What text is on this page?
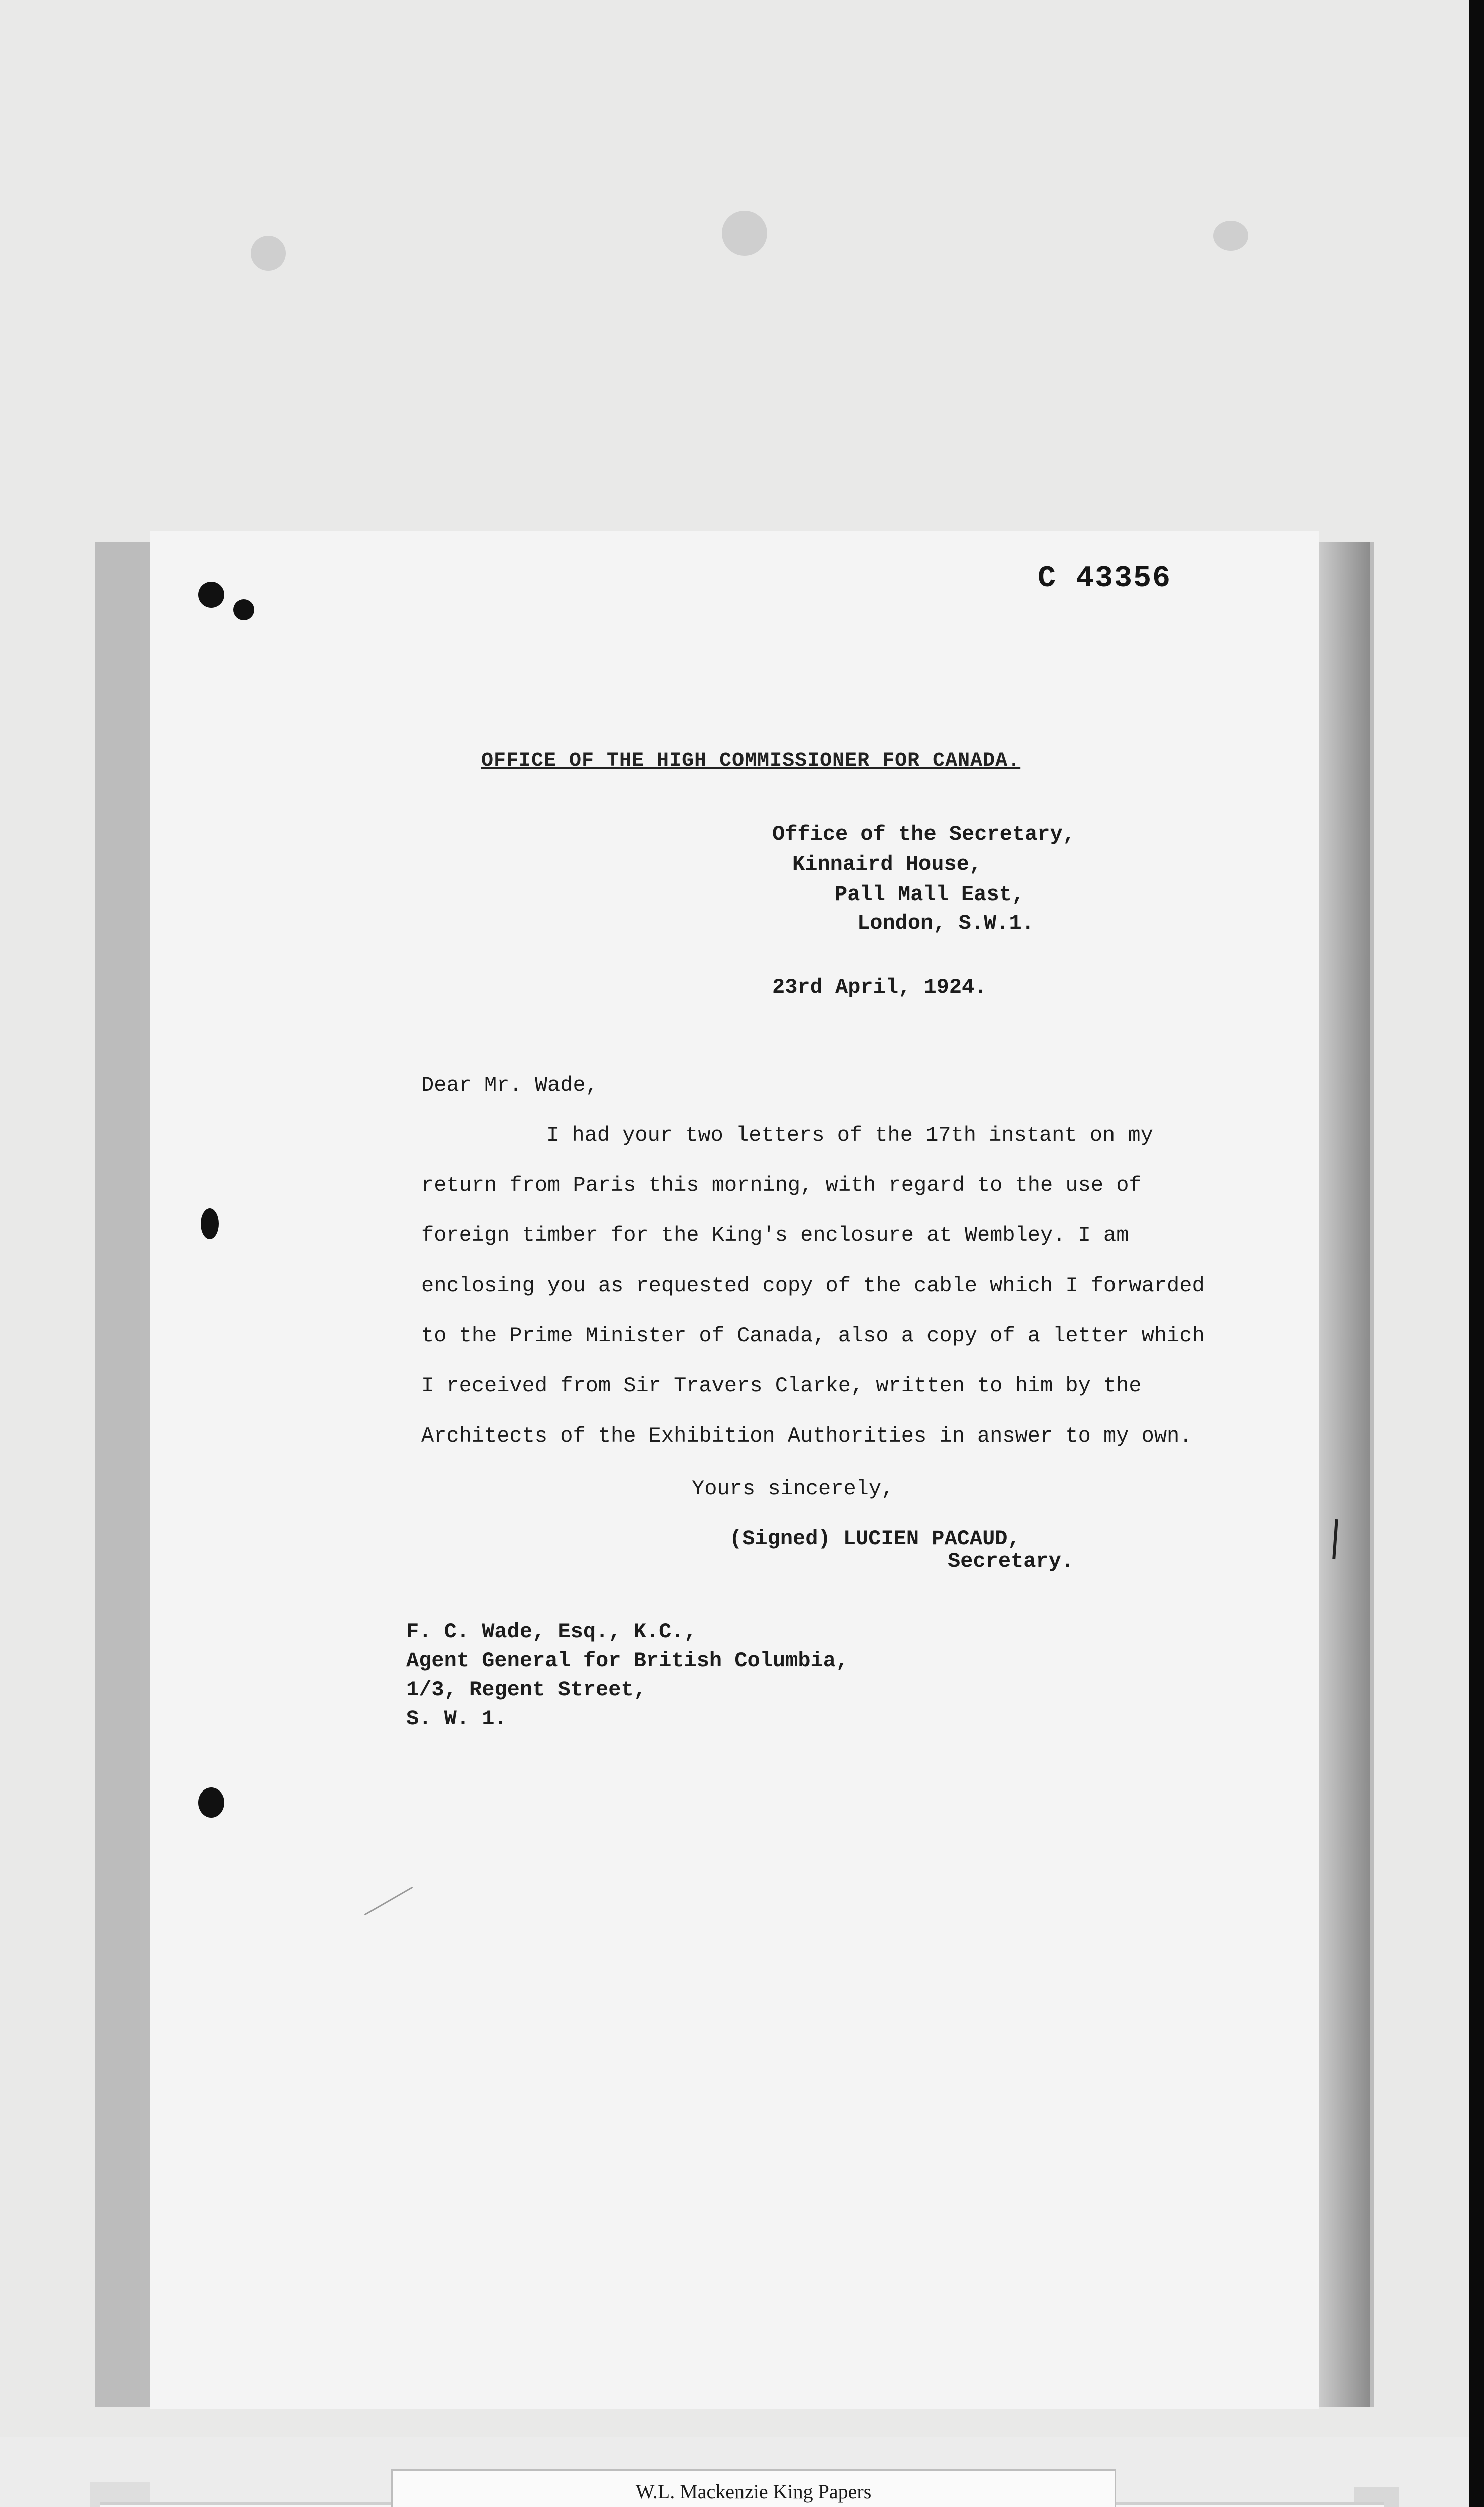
C 43356
OFFICE OF THE HIGH COMMISSIONER FOR CANADA.
Office of the Secretary,
Kinnaird House,
Pall Mall East,
London, S.W.1.
23rd April, 1924.
Dear Mr. Wade,
I had your two letters of the 17th instant on my
return from Paris this morning, with regard to the use of
foreign timber for the King's enclosure at Wembley. I am
enclosing you as requested copy of the cable which I forwarded
to the Prime Minister of Canada, also a copy of a letter which
I received from Sir Travers Clarke, written to him by the
Architects of the Exhibition Authorities in answer to my own.
Yours sincerely,
(Signed) LUCIEN PACAUD,
Secretary.
F. C. Wade, Esq., K.C.,
Agent General for British Columbia,
1/3, Regent Street,
S. W. 1.
W.L. Mackenzie King Papers
